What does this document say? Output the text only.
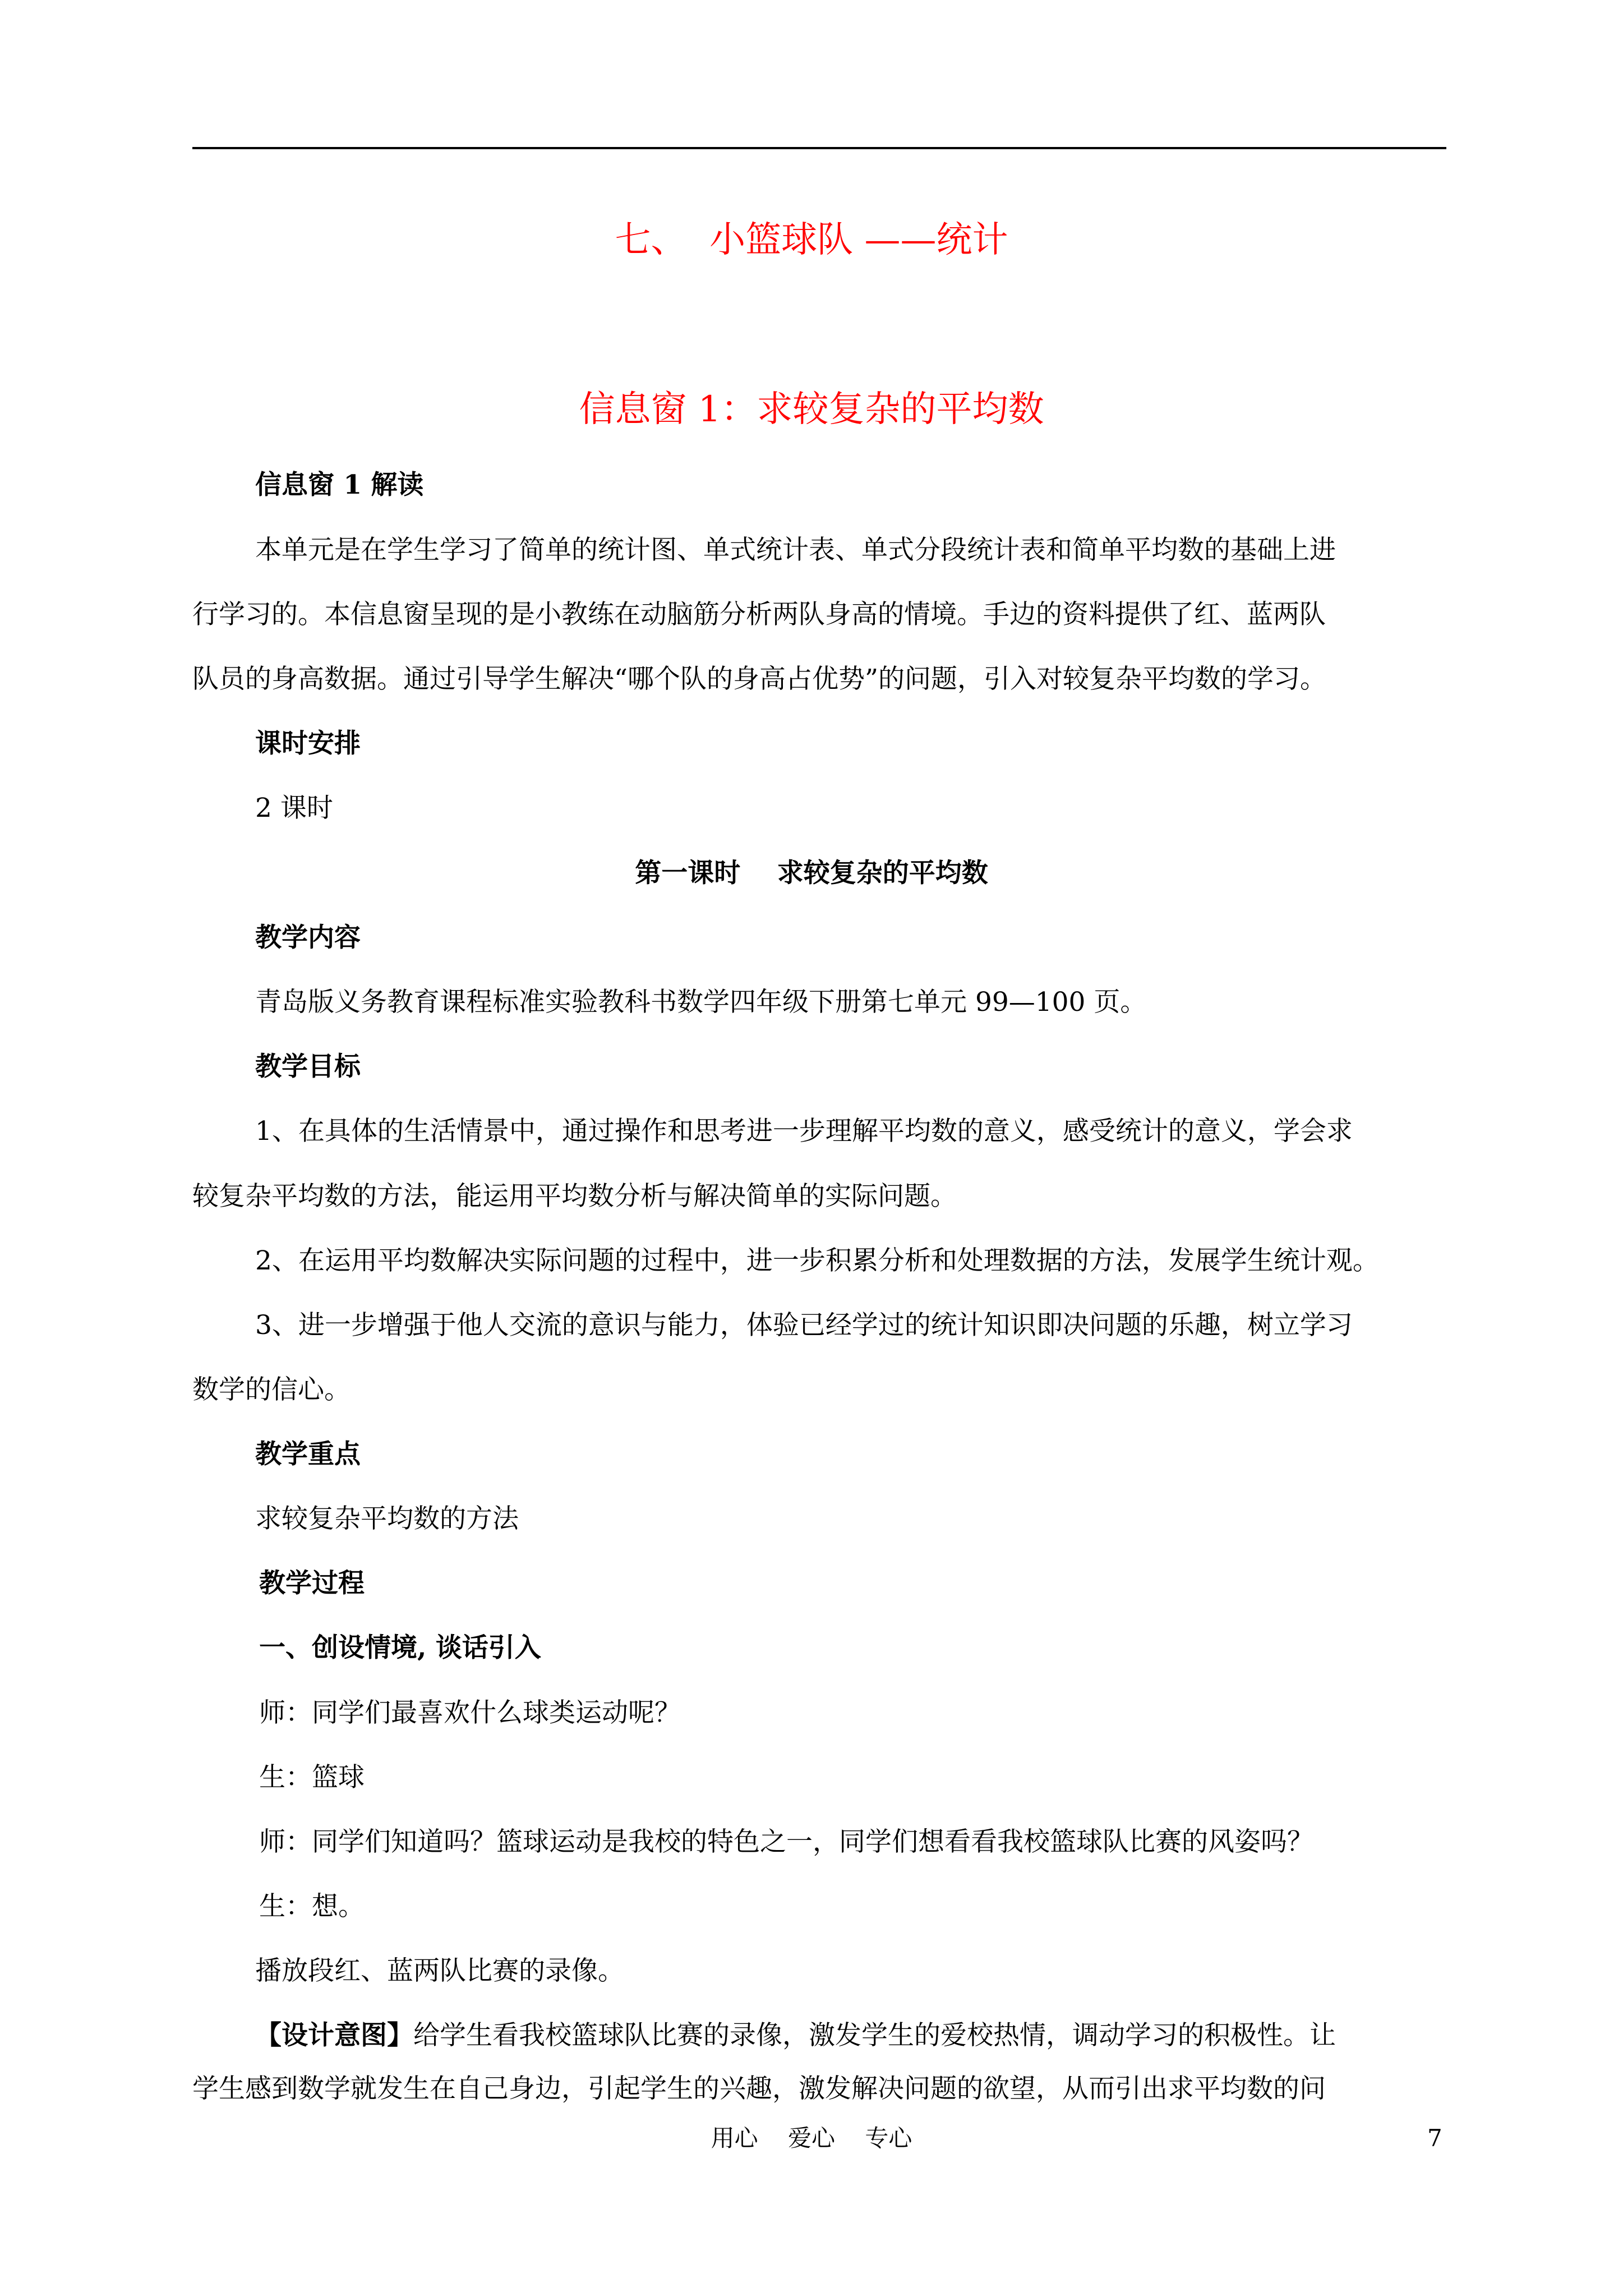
七、  小篮球队 ——统计
信息窗 1：求较复杂的平均数
信息窗 1 解读
本单元是在学生学习了简单的统计图、单式统计表、单式分段统计表和简单平均数的基础上进
行学习的。本信息窗呈现的是小教练在动脑筋分析两队身高的情境。手边的资料提供了红、蓝两队
队员的身高数据。通过引导学生解决“哪个队的身高占优势”的问题，引入对较复杂平均数的学习。
课时安排
2 课时
第一课时    求较复杂的平均数
教学内容
青岛版义务教育课程标准实验教科书数学四年级下册第七单元 99—100 页。
教学目标
1、在具体的生活情景中，通过操作和思考进一步理解平均数的意义，感受统计的意义，学会求
较复杂平均数的方法，能运用平均数分析与解决简单的实际问题。
2、在运用平均数解决实际问题的过程中，进一步积累分析和处理数据的方法，发展学生统计观。
3、进一步增强于他人交流的意识与能力，体验已经学过的统计知识即决问题的乐趣，树立学习
数学的信心。
教学重点
求较复杂平均数的方法
教学过程
一、创设情境, 谈话引入
师：同学们最喜欢什么球类运动呢？
生：篮球
师：同学们知道吗？篮球运动是我校的特色之一，同学们想看看我校篮球队比赛的风姿吗？
生：想。
播放段红、蓝两队比赛的录像。
【设计意图】给学生看我校篮球队比赛的录像，激发学生的爱校热情，调动学习的积极性。让
学生感到数学就发生在自己身边，引起学生的兴趣，激发解决问题的欲望，从而引出求平均数的问
用心    爱心    专心	7
